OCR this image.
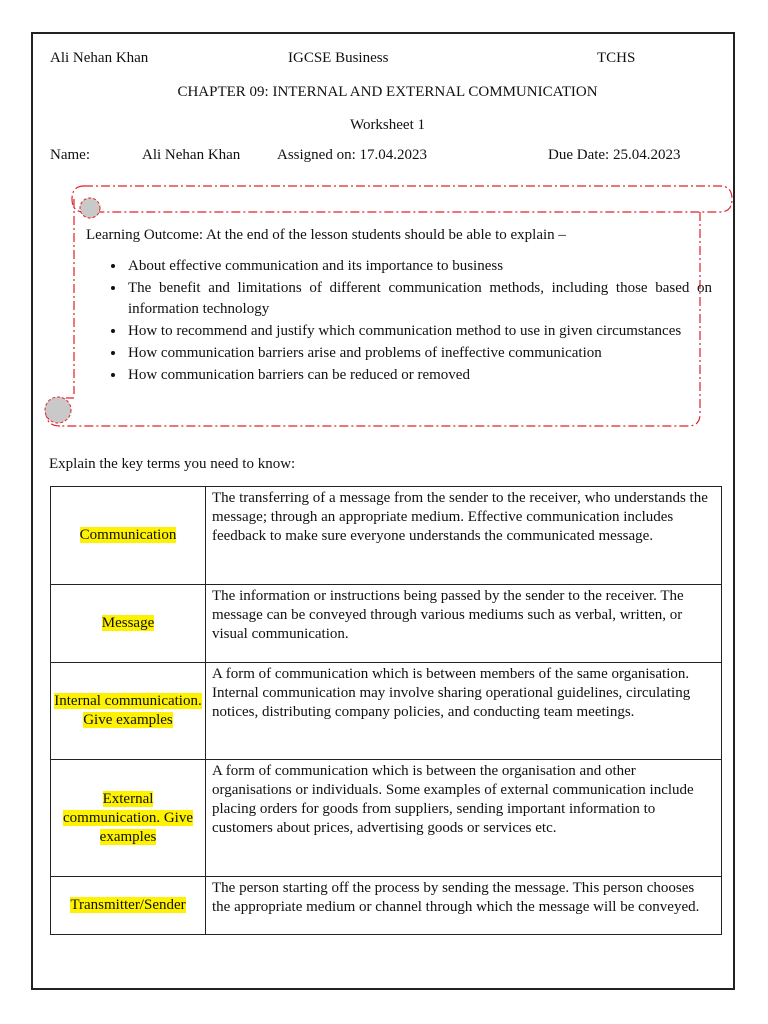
Ali Nehan Khan	IGCSE Business	TCHS
CHAPTER 09: INTERNAL AND EXTERNAL COMMUNICATION
Worksheet 1
Name:	Ali Nehan Khan Assigned on: 17.04.2023	Due Date: 25.04.2023
Learning Outcome: At the end of the lesson students should be able to explain –
• About effective communication and its importance to business
• The benefit and limitations of different communication methods, including those based on information technology
• How to recommend and justify which communication method to use in given circumstances
• How communication barriers arise and problems of ineffective communication
• How communication barriers can be reduced or removed
Explain the key terms you need to know:
Communication	The transferring of a message from the sender to the receiver, who understands the message; through an appropriate medium. Effective communication includes feedback to make sure everyone understands the communicated message.
Message	The information or instructions being passed by the sender to the receiver. The message can be conveyed through various mediums such as verbal, written, or visual communication.
Internal communication. Give examples	A form of communication which is between members of the same organisation. Internal communication may involve sharing operational guidelines, circulating notices, distributing company policies, and conducting team meetings.
External communication. Give examples	A form of communication which is between the organisation and other organisations or individuals. Some examples of external communication include placing orders for goods from suppliers, sending important information to customers about prices, advertising goods or services etc.
Transmitter/Sender	The person starting off the process by sending the message. This person chooses the appropriate medium or channel through which the message will be conveyed.
